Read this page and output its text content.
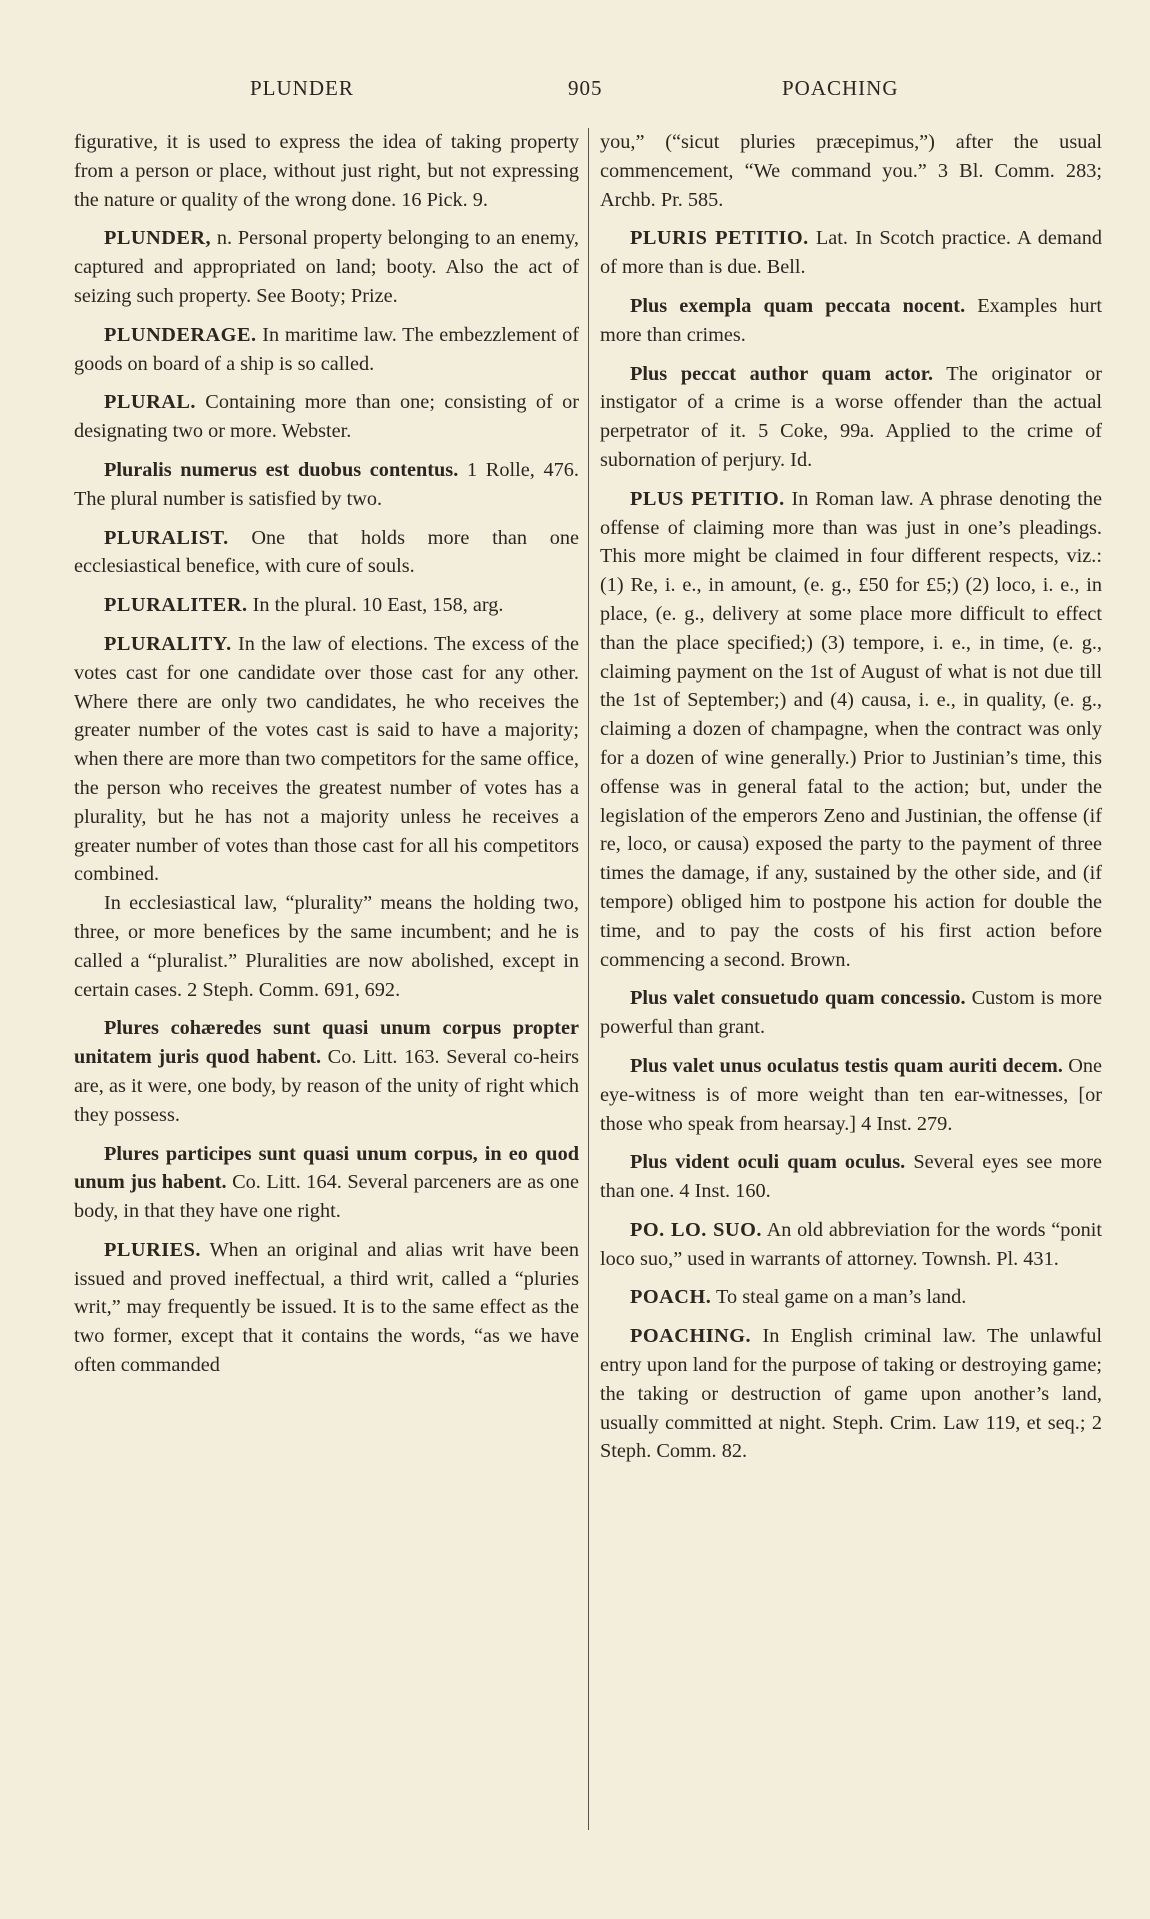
PLUNDER	905	POACHING

figurative, it is used to express the idea of taking property from a person or place, without just right, but not expressing the nature or quality of the wrong done. 16 Pick. 9.

PLUNDER, n. Personal property belonging to an enemy, captured and appropriated on land; booty. Also the act of seizing such property. See Booty; Prize.

PLUNDERAGE. In maritime law. The embezzlement of goods on board of a ship is so called.

PLURAL. Containing more than one; consisting of or designating two or more. Webster.

Pluralis numerus est duobus contentus. 1 Rolle, 476. The plural number is satisfied by two.

PLURALIST. One that holds more than one ecclesiastical benefice, with cure of souls.

PLURALITER. In the plural. 10 East, 158, arg.

PLURALITY. In the law of elections. The excess of the votes cast for one candidate over those cast for any other. Where there are only two candidates, he who receives the greater number of the votes cast is said to have a majority; when there are more than two competitors for the same office, the person who receives the greatest number of votes has a plurality, but he has not a majority unless he receives a greater number of votes than those cast for all his competitors combined.

In ecclesiastical law, “plurality” means the holding two, three, or more benefices by the same incumbent; and he is called a “pluralist.” Pluralities are now abolished, except in certain cases. 2 Steph. Comm. 691, 692.

Plures cohæredes sunt quasi unum corpus propter unitatem juris quod habent. Co. Litt. 163. Several co-heirs are, as it were, one body, by reason of the unity of right which they possess.

Plures participes sunt quasi unum corpus, in eo quod unum jus habent. Co. Litt. 164. Several parceners are as one body, in that they have one right.

PLURIES. When an original and alias writ have been issued and proved ineffectual, a third writ, called a “pluries writ,” may frequently be issued. It is to the same effect as the two former, except that it contains the words, “as we have often commanded

you,” (“sicut pluries præcepimus,”) after the usual commencement, “We command you.” 3 Bl. Comm. 283; Archb. Pr. 585.

PLURIS PETITIO. Lat. In Scotch practice. A demand of more than is due. Bell.

Plus exempla quam peccata nocent. Examples hurt more than crimes.

Plus peccat author quam actor. The originator or instigator of a crime is a worse offender than the actual perpetrator of it. 5 Coke, 99a. Applied to the crime of subornation of perjury. Id.

PLUS PETITIO. In Roman law. A phrase denoting the offense of claiming more than was just in one’s pleadings. This more might be claimed in four different respects, viz.: (1) Re, i. e., in amount, (e. g., £50 for £5;) (2) loco, i. e., in place, (e. g., delivery at some place more difficult to effect than the place specified;) (3) tempore, i. e., in time, (e. g., claiming payment on the 1st of August of what is not due till the 1st of September;) and (4) causa, i. e., in quality, (e. g., claiming a dozen of champagne, when the contract was only for a dozen of wine generally.) Prior to Justinian’s time, this offense was in general fatal to the action; but, under the legislation of the emperors Zeno and Justinian, the offense (if re, loco, or causa) exposed the party to the payment of three times the damage, if any, sustained by the other side, and (if tempore) obliged him to postpone his action for double the time, and to pay the costs of his first action before commencing a second. Brown.

Plus valet consuetudo quam concessio. Custom is more powerful than grant.

Plus valet unus oculatus testis quam auriti decem. One eye-witness is of more weight than ten ear-witnesses, [or those who speak from hearsay.] 4 Inst. 279.

Plus vident oculi quam oculus. Several eyes see more than one. 4 Inst. 160.

PO. LO. SUO. An old abbreviation for the words “ponit loco suo,” used in warrants of attorney. Townsh. Pl. 431.

POACH. To steal game on a man’s land.

POACHING. In English criminal law. The unlawful entry upon land for the purpose of taking or destroying game; the taking or destruction of game upon another’s land, usually committed at night. Steph. Crim. Law 119, et seq.; 2 Steph. Comm. 82.
